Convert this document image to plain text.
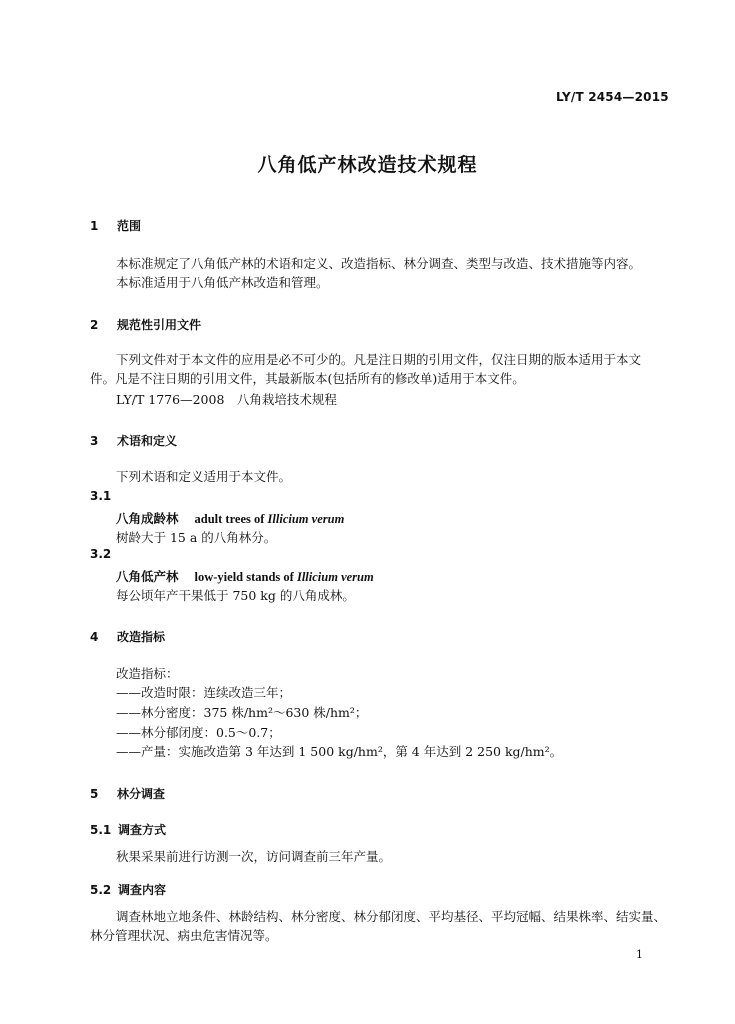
LY/T 2454—2015
八角低产林改造技术规程
1 范围
本标准规定了八角低产林的术语和定义、改造指标、林分调查、类型与改造、技术措施等内容。
本标准适用于八角低产林改造和管理。
2 规范性引用文件
下列文件对于本文件的应用是必不可少的。凡是注日期的引用文件，仅注日期的版本适用于本文件。凡是不注日期的引用文件，其最新版本(包括所有的修改单)适用于本文件。
LY/T 1776—2008　八角栽培技术规程
3 术语和定义
下列术语和定义适用于本文件。
3.1
八角成龄林 adult trees of Illicium verum
树龄大于 15 a 的八角林分。
3.2
八角低产林 low-yield stands of Illicium verum
每公顷年产干果低于 750 kg 的八角成林。
4 改造指标
改造指标：
——改造时限：连续改造三年；
——林分密度：375 株/hm²～630 株/hm²；
——林分郁闭度：0.5～0.7；
——产量：实施改造第 3 年达到 1 500 kg/hm²，第 4 年达到 2 250 kg/hm²。
5 林分调查
5.1 调查方式
秋果采果前进行访测一次，访问调查前三年产量。
5.2 调查内容
调查林地立地条件、林龄结构、林分密度、林分郁闭度、平均基径、平均冠幅、结果株率、结实量、林分管理状况、病虫危害情况等。
1
